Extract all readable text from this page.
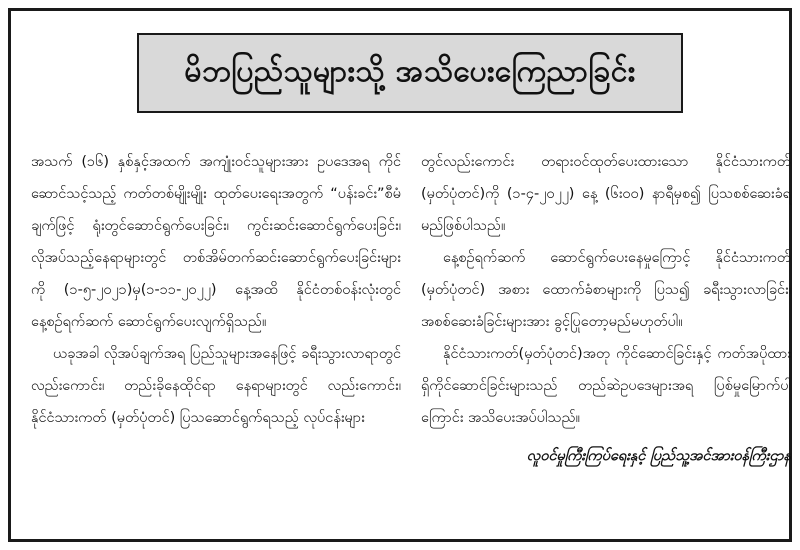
မိဘပြည်သူများသို့ အသိပေးကြေညာခြင်း

အသက် (၁၆) နှစ်နှင့်အထက် အကျုံးဝင်သူများအား ဥပဒေအရ ကိုင်ဆောင်သင့်သည့် ကတ်တစ်မျိုးမျိုး ထုတ်ပေးရေးအတွက် “ပန်းခင်း”စီမံချက်ဖြင့် ရုံးတွင်ဆောင်ရွက်ပေးခြင်း၊ ကွင်းဆင်းဆောင်ရွက်ပေးခြင်း၊ လိုအပ်သည့်နေရာများတွင် တစ်အိမ်တက်ဆင်းဆောင်ရွက်ပေးခြင်းများကို (၁-၅-၂၀၂၁)မှ(၁-၁၁-၂၀၂၂) နေ့အထိ နိုင်ငံတစ်ဝန်းလုံးတွင် နေ့စဉ်ရက်ဆက် ဆောင်ရွက်ပေးလျက်ရှိသည်။

ယခုအခါ လိုအပ်ချက်အရ ပြည်သူများအနေဖြင့် ခရီးသွားလာရာတွင် လည်းကောင်း၊ တည်းခိုနေထိုင်ရာ နေရာများတွင် လည်းကောင်း၊ နိုင်ငံသားကတ် (မှတ်ပုံတင်) ပြသဆောင်ရွက်ရသည့် လုပ်ငန်းများ

တွင်လည်းကောင်း တရားဝင်ထုတ်ပေးထားသော နိုင်ငံသားကတ် (မှတ်ပုံတင်)ကို (၁-၄-၂၀၂၂) နေ့ (၆း၀၀) နာရီမှစ၍ ပြသစစ်ဆေးခံရမည်ဖြစ်ပါသည်။

နေ့စဉ်ရက်ဆက် ဆောင်ရွက်ပေးနေမှုကြောင့် နိုင်ငံသားကတ် (မှတ်ပုံတင်) အစား ထောက်ခံစာများကို ပြသ၍ ခရီးသွားလာခြင်း၊ အစစ်ဆေးခံခြင်းများအား ခွင့်ပြုတော့မည်မဟုတ်ပါ။

နိုင်ငံသားကတ်(မှတ်ပုံတင်)အတု ကိုင်ဆောင်ခြင်းနှင့် ကတ်အပိုထားရှိကိုင်ဆောင်ခြင်းများသည် တည်ဆဲဥပဒေများအရ ပြစ်မှုမြောက်ပါကြောင်း အသိပေးအပ်ပါသည်။

လူဝင်မှုကြီးကြပ်ရေးနှင့် ပြည်သူ့အင်အားဝန်ကြီးဌာန
